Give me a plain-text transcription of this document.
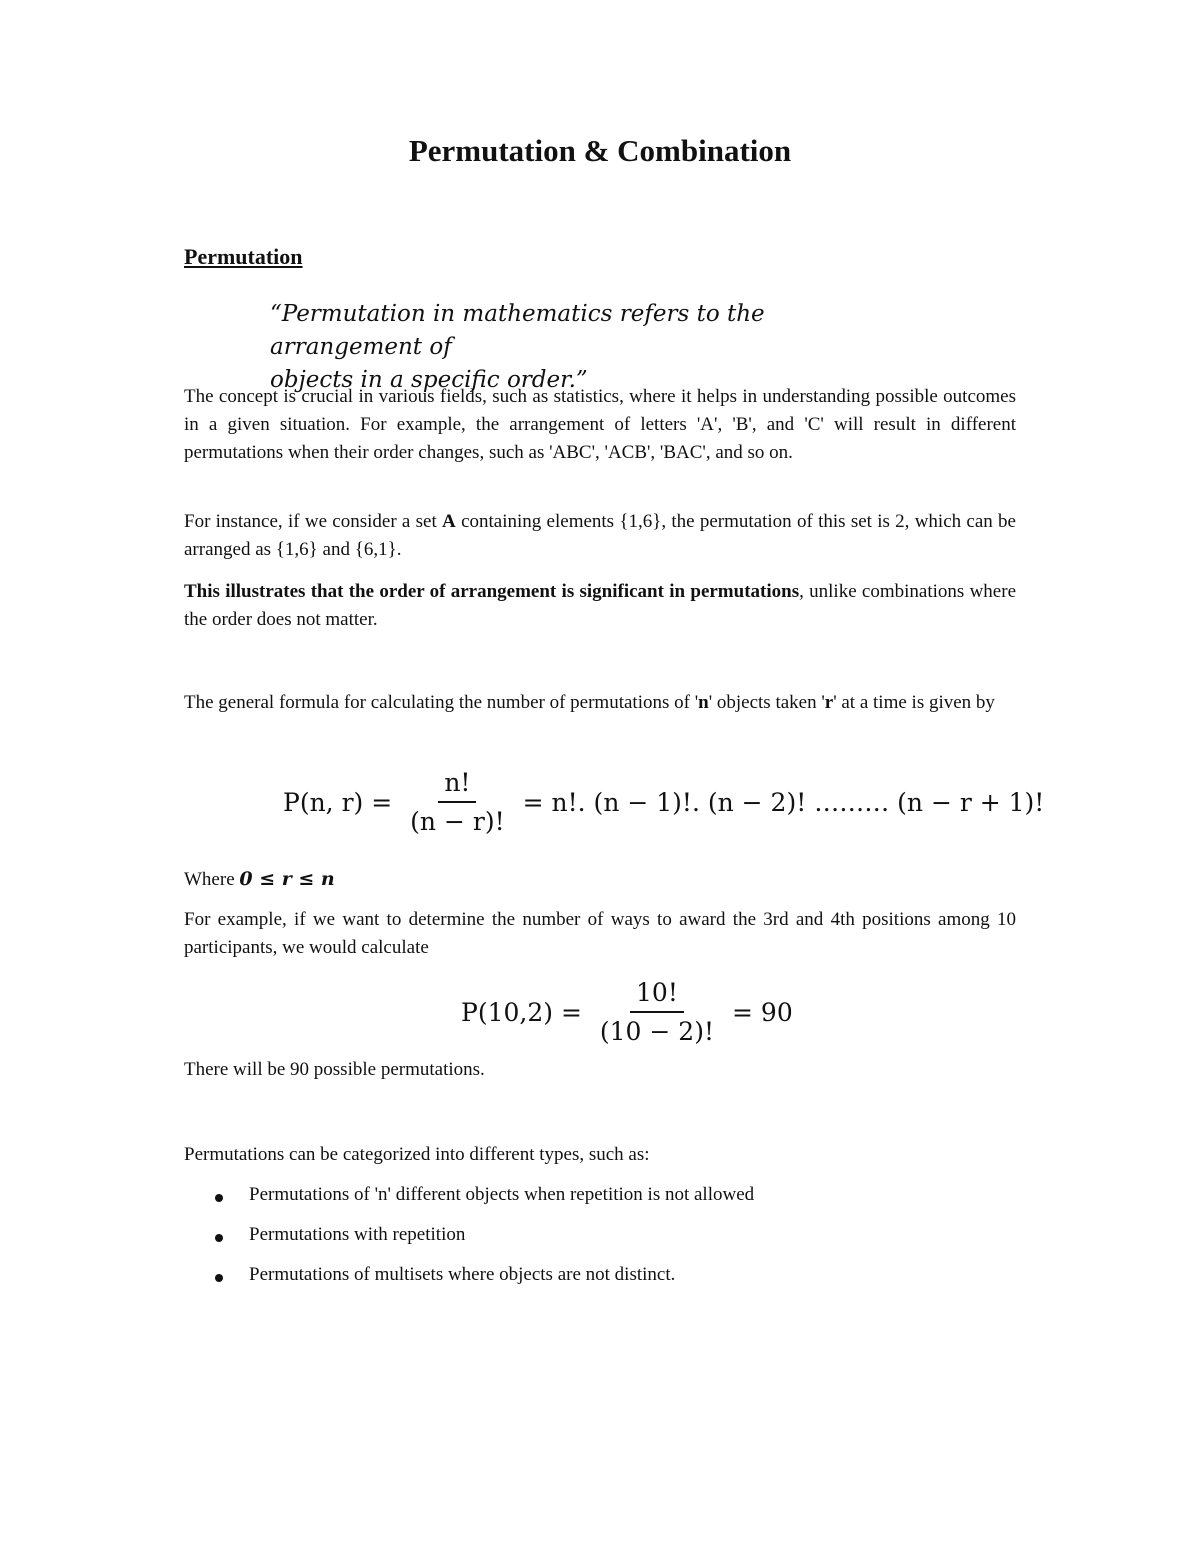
Permutation & Combination
Permutation
“Permutation in mathematics refers to the arrangement of
objects in a specific order.”
The concept is crucial in various fields, such as statistics, where it helps in understanding possible outcomes in a given situation. For example, the arrangement of letters 'A', 'B', and 'C' will result in different permutations when their order changes, such as 'ABC', 'ACB', 'BAC', and so on.
For instance, if we consider a set A containing elements {1,6}, the permutation of this set is 2, which can be arranged as {1,6} and {6,1}.
This illustrates that the order of arrangement is significant in permutations, unlike combinations where the order does not matter.
The general formula for calculating the number of permutations of 'n' objects taken 'r' at a time is given by
P(n, $r) = \frac{n!}{(n - r)!} = n$!. (n − 1)!. (n − 2)! ……… (n − r + 1)!
Where 0 ≤ r ≤ n
For example, if we want to determine the number of ways to award the 3rd and 4th positions among 10 participants, we would calculate
$P(10,2) = \frac{10!}{(10 - 2)!} = 90$
There will be 90 possible permutations.
Permutations can be categorized into different types, such as:
Permutations of 'n' different objects when repetition is not allowed
Permutations with repetition
Permutations of multisets where objects are not distinct.
